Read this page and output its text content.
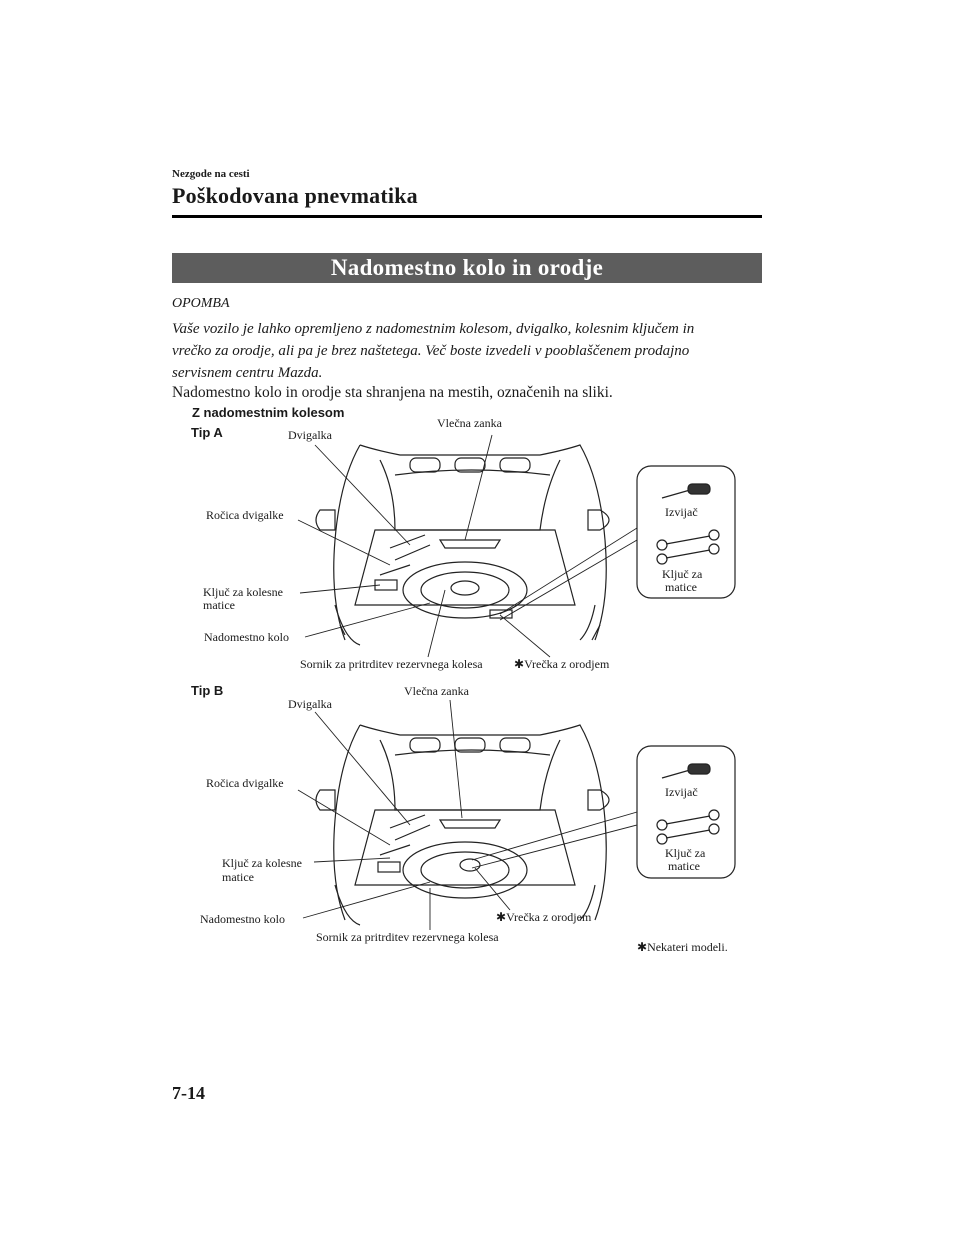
Nezgode na cesti
Poškodovana pnevmatika
Nadomestno kolo in orodje
OPOMBA
Vaše vozilo je lahko opremljeno z nadomestnim kolesom, dvigalko, kolesnim ključem in
vrečko za orodje, ali pa je brez naštetega. Več boste izvedeli v pooblaščenem prodajno
servisnem centru Mazda.
Nadomestno kolo in orodje sta shranjena na mestih, označenih na sliki.
Z nadomestnim kolesom
Tip A	Dvigalka
Vlečna zanka
Ročica dvigalke
Ključ za kolesne
matice
Nadomestno kolo
Sornik za pritrditev rezervnega kolesa	✱Vrečka z orodjem
Izvijač
Ključ za
matice
Tip B
Dvigalka
Vlečna zanka
Ročica dvigalke
Ključ za kolesne
matice
Nadomestno kolo
Sornik za pritrditev rezervnega kolesa
✱Vrečka z orodjem
Izvijač
Ključ za
matice
✱Nekateri modeli.
7-14
